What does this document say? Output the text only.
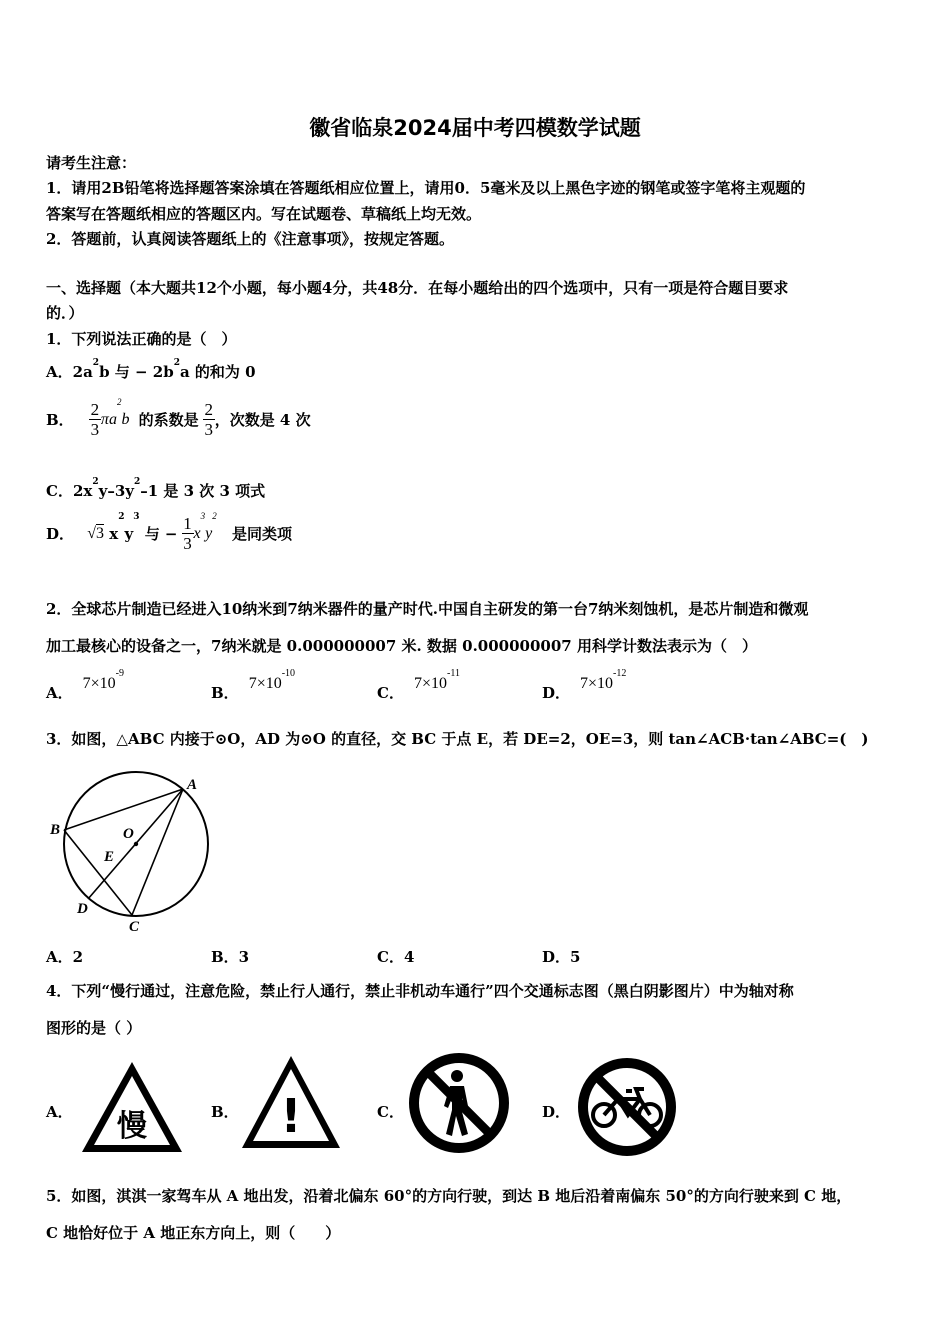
徽省临泉2024届中考四模数学试题
请考生注意：
1．请用2B铅笔将选择题答案涂填在答题纸相应位置上，请用0．5毫米及以上黑色字迹的钢笔或签字笔将主观题的
答案写在答题纸相应的答题区内。写在试题卷、草稿纸上均无效。
2．答题前，认真阅读答题纸上的《注意事项》，按规定答题。
一、选择题（本大题共12个小题，每小题4分，共48分．在每小题给出的四个选项中，只有一项是符合题目要求
的．）
1．下列说法正确的是（　）
A．$2a^2b$ 与 − $2b^2a$ 的和为 0
B． $\frac{2}{3} \pi a^2b$ 的系数是 $\frac{2}{3}$ ，次数是 4 次
C．$2x^2y-3y^2-1$ 是 3 次 3 项式
D． √3 $x^2y^3$ 与 − $\frac{1}{3} x^3y^2$ 是同类项
2．全球芯片制造已经进入10纳米到7纳米器件的量产时代.中国自主研发的第一台7纳米刻蚀机，是芯片制造和微观
加工最核心的设备之一，7纳米就是 0.000000007 米. 数据 0.000000007 用科学计数法表示为（　）
A．$7\times 10^{-9}$
B．$7\times 10^{-10}$
C．$7\times 10^{-11}$
D．$7\times 10^{-12}$
3．如图，△ABC 内接于⊙O，AD 为⊙O 的直径，交 BC 于点 E，若 DE=2，OE=3，则 tan∠ACB·tan∠ABC=(　)
A
B	O
E
D
C
A．2	B．3	C．4	D．5
4．下列“慢行通过，注意危险，禁止行人通行，禁止非机动车通行”四个交通标志图（黑白阴影图片）中为轴对称
图形的是（ ）
A． 慢	B． !	C．	D．
5．如图，淇淇一家驾车从 A 地出发，沿着北偏东 60°的方向行驶，到达 B 地后沿着南偏东 50°的方向行驶来到 C 地，
C 地恰好位于 A 地正东方向上，则（　　）
